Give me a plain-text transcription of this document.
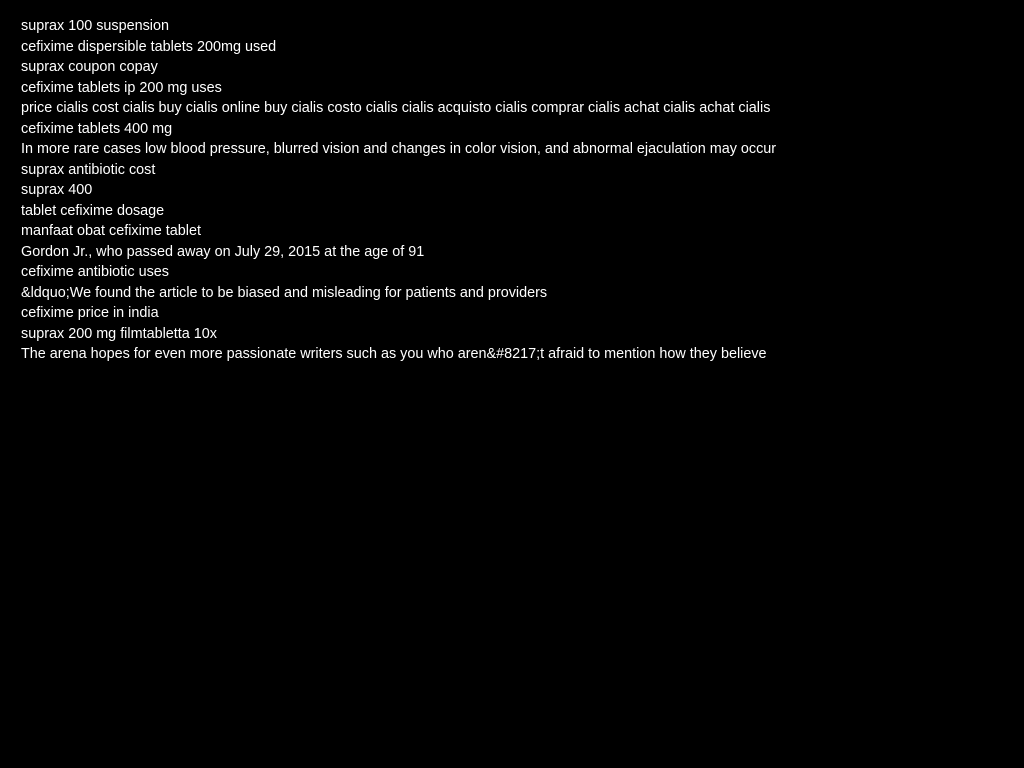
suprax 100 suspension
cefixime dispersible tablets 200mg used
suprax coupon copay
cefixime tablets ip 200 mg uses
price cialis cost cialis buy cialis online buy cialis costo cialis cialis acquisto cialis comprar cialis achat cialis achat cialis
cefixime tablets 400 mg
In more rare cases low blood pressure, blurred vision and changes in color vision, and abnormal ejaculation may occur
suprax antibiotic cost
suprax 400
tablet cefixime dosage
manfaat obat cefixime tablet
Gordon Jr., who passed away on July 29, 2015 at the age of 91
cefixime antibiotic uses
&ldquo;We found the article to be biased and misleading for patients and providers
cefixime price in india
suprax 200 mg filmtabletta 10x
The arena hopes for even more passionate writers such as you who aren&#8217;t afraid to mention how they believe
